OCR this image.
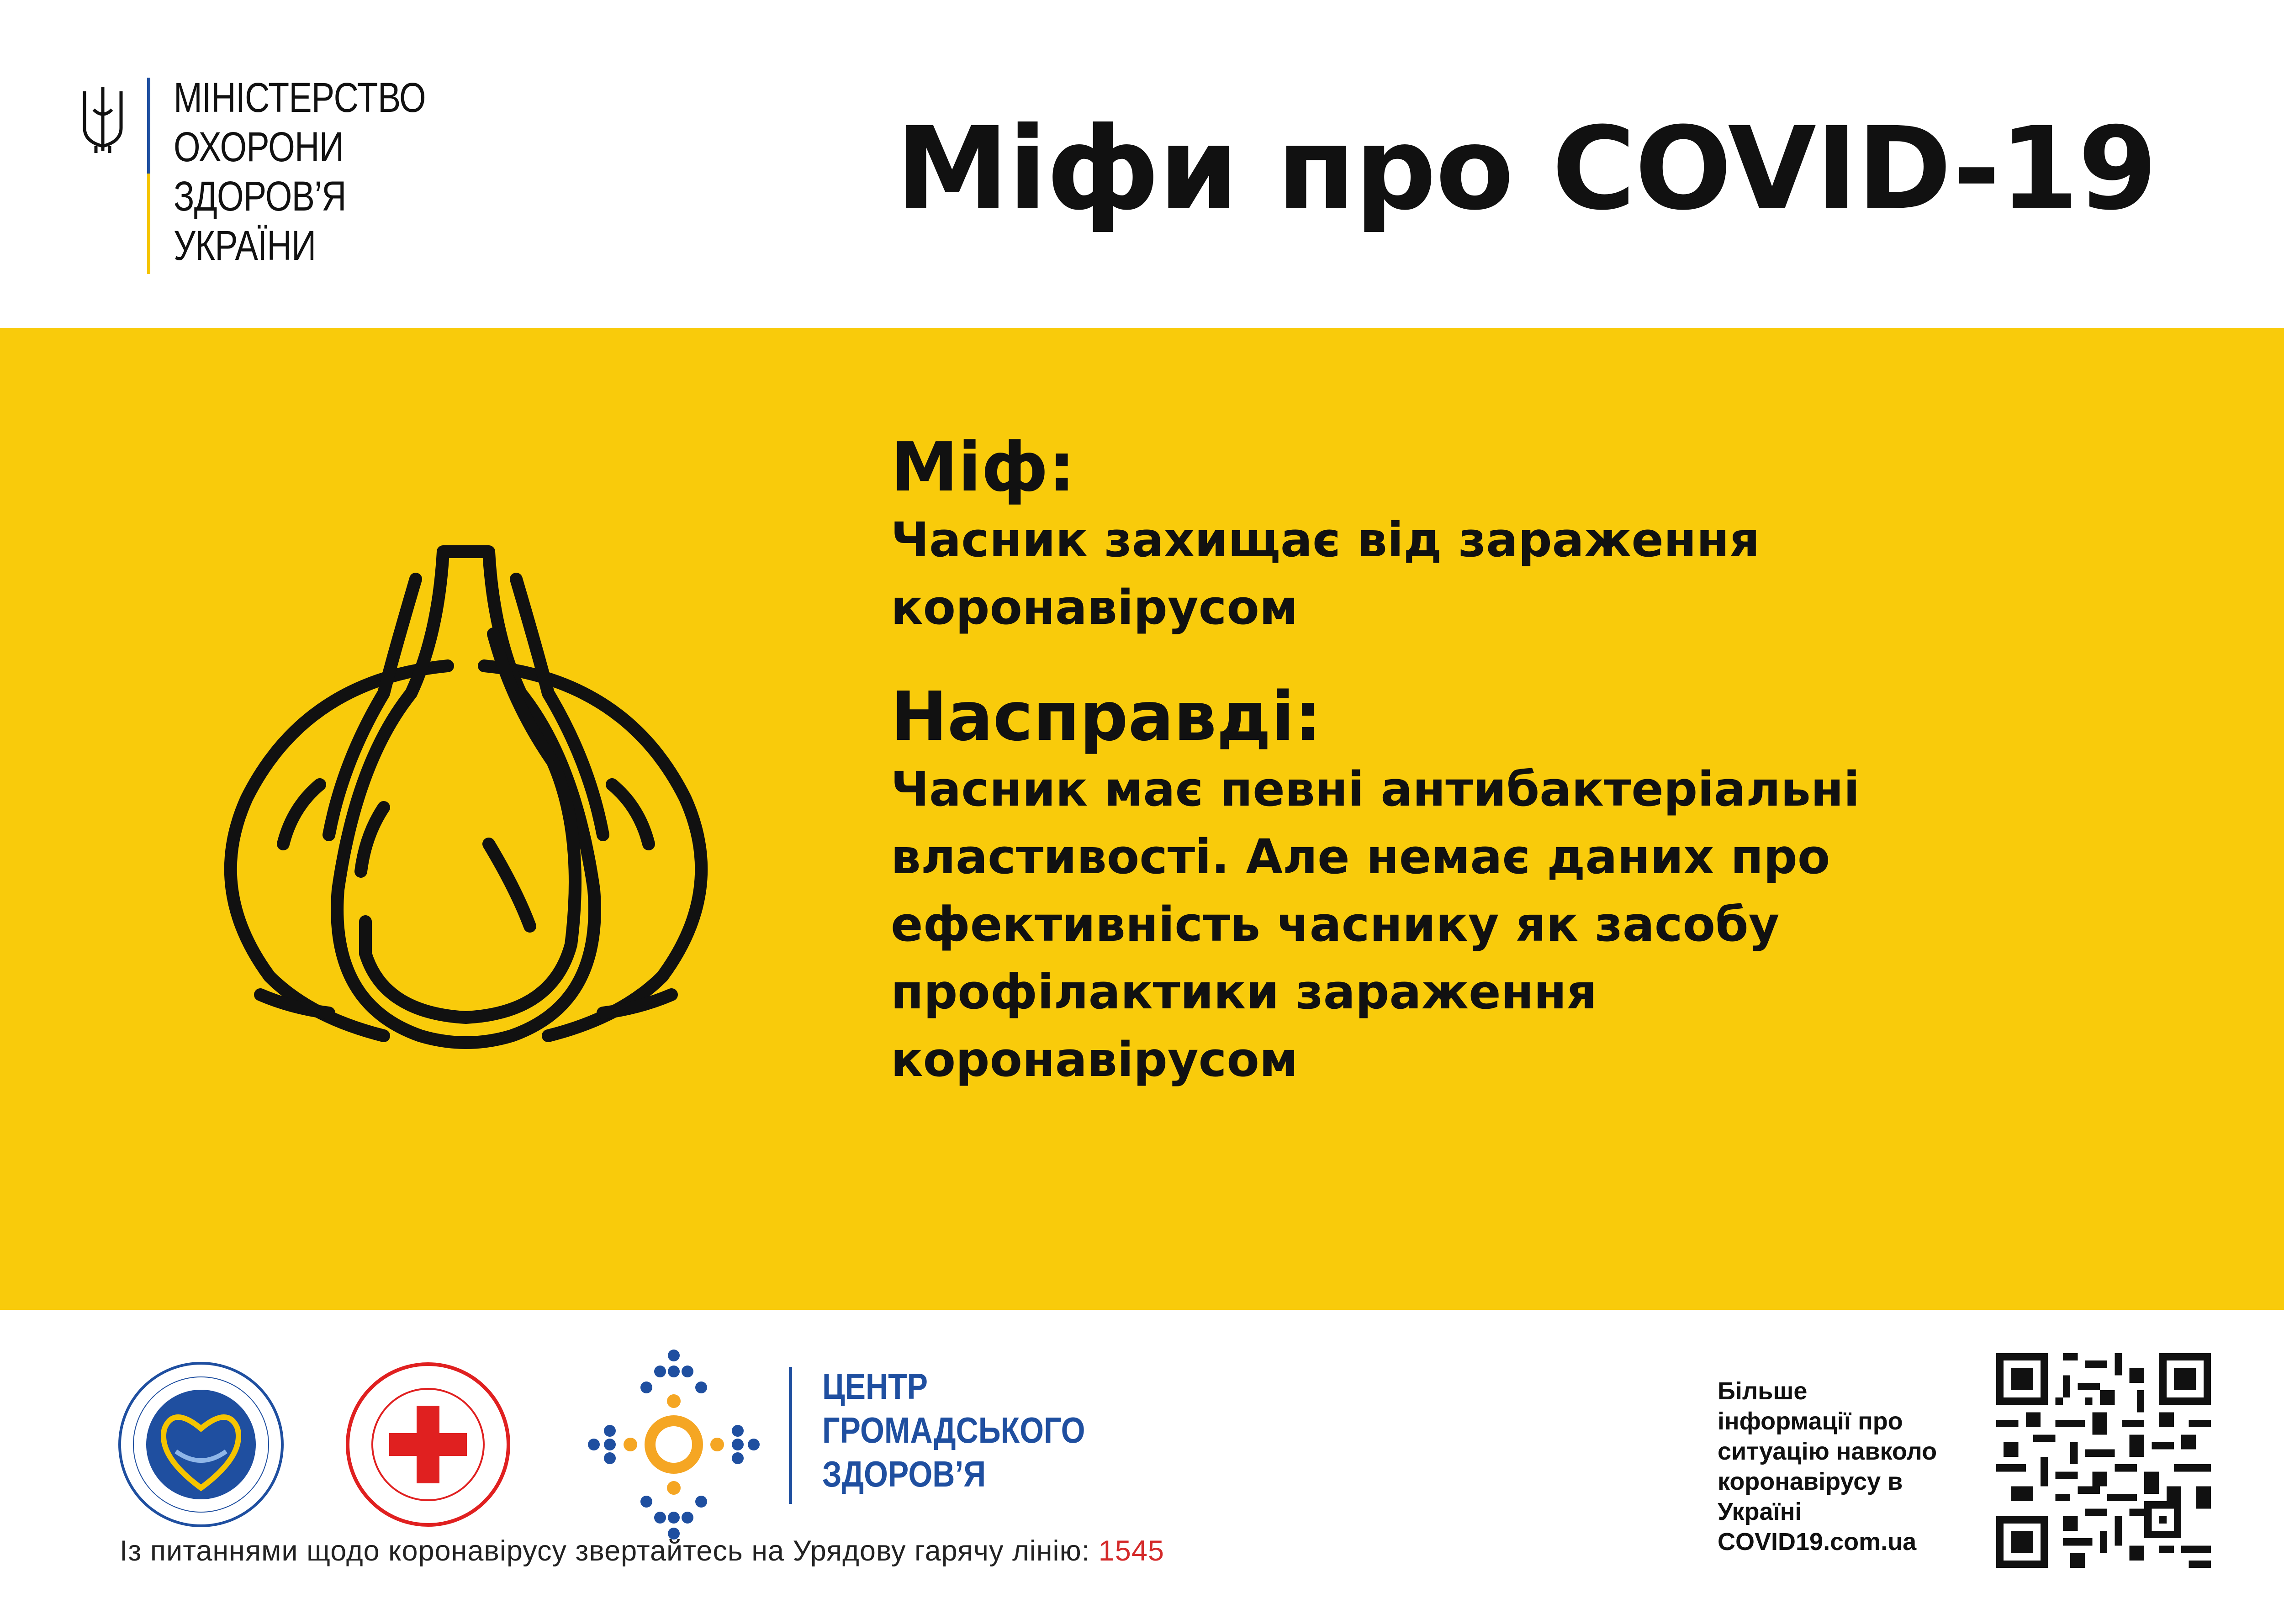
МІНІСТЕРСТВО
ОХОРОНИ
ЗДОРОВ’Я
УКРАЇНИ
Міфи про COVID-19
Міф:
Часник захищає від зараження коронавірусом
Насправді:
Часник має певні антибактеріальні властивості. Але немає даних про ефективність часнику як засобу профілактики зараження коронавірусом
ЦЕНТР
ГРОМАДСЬКОГО
ЗДОРОВ’Я
Із питаннями щодо коронавірусу звертайтесь на Урядову гарячу лінію: 1545
Більше
інформації про
ситуацію навколо
коронавірусу в
Україні
COVID19.com.ua
